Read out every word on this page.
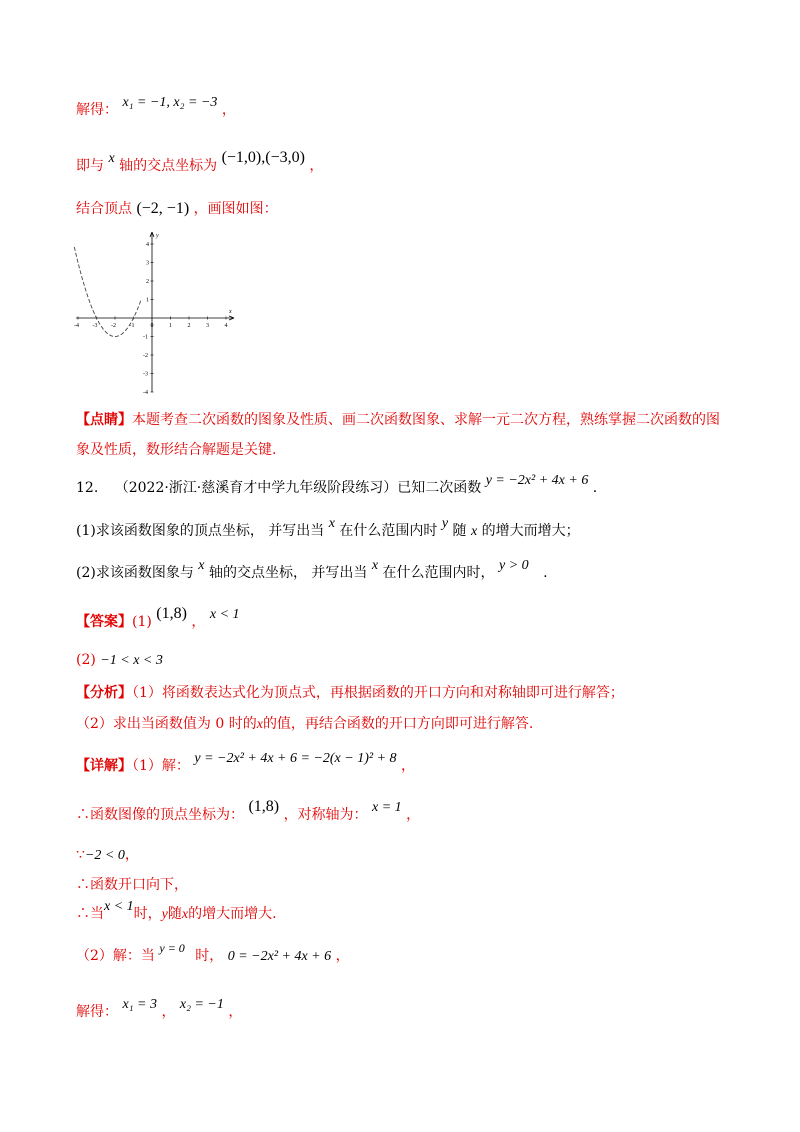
解得： x₁ = −1, x₂ = −3 ，
即与 x 轴的交点坐标为 (−1,0),(−3,0) ，
结合顶点 (−2, −1) ，画图如图：
x
y
-4 -3 -2 -1	0	1	2	3	4
4
3
2
1
-1
-2
-3
-4
【点睛】本题考查二次函数的图象及性质、画二次函数图象、求解一元二次方程，熟练掌握二次函数的图
象及性质，数形结合解题是关键.
12. （2022·浙江·慈溪育才中学九年级阶段练习）已知二次函数 y = −2x² + 4x + 6 .
(1)求该函数图象的顶点坐标， 并写出当 x 在什么范围内时 y 随 x 的增大而增大；
(2)求该函数图象与 x 轴的交点坐标， 并写出当 x 在什么范围内时， y > 0 .
【答案】(1) (1,8) ， x < 1
(2) −1 < x < 3
【分析】（1）将函数表达式化为顶点式，再根据函数的开口方向和对称轴即可进行解答；
（2）求出当函数值为 0 时的x的值，再结合函数的开口方向即可进行解答.
【详解】（1）解： y = −2x² + 4x + 6 = −2(x − 1)² + 8 ，
∴函数图像的顶点坐标为： (1,8) ，对称轴为： x = 1 ，
∵−2 < 0，
∴函数开口向下，
∴当x < 1时，y随x的增大而增大.
（2）解：当 y = 0 时， 0 = −2x² + 4x + 6 ，
解得： x₁ = 3 ， x₂ = −1 ，
